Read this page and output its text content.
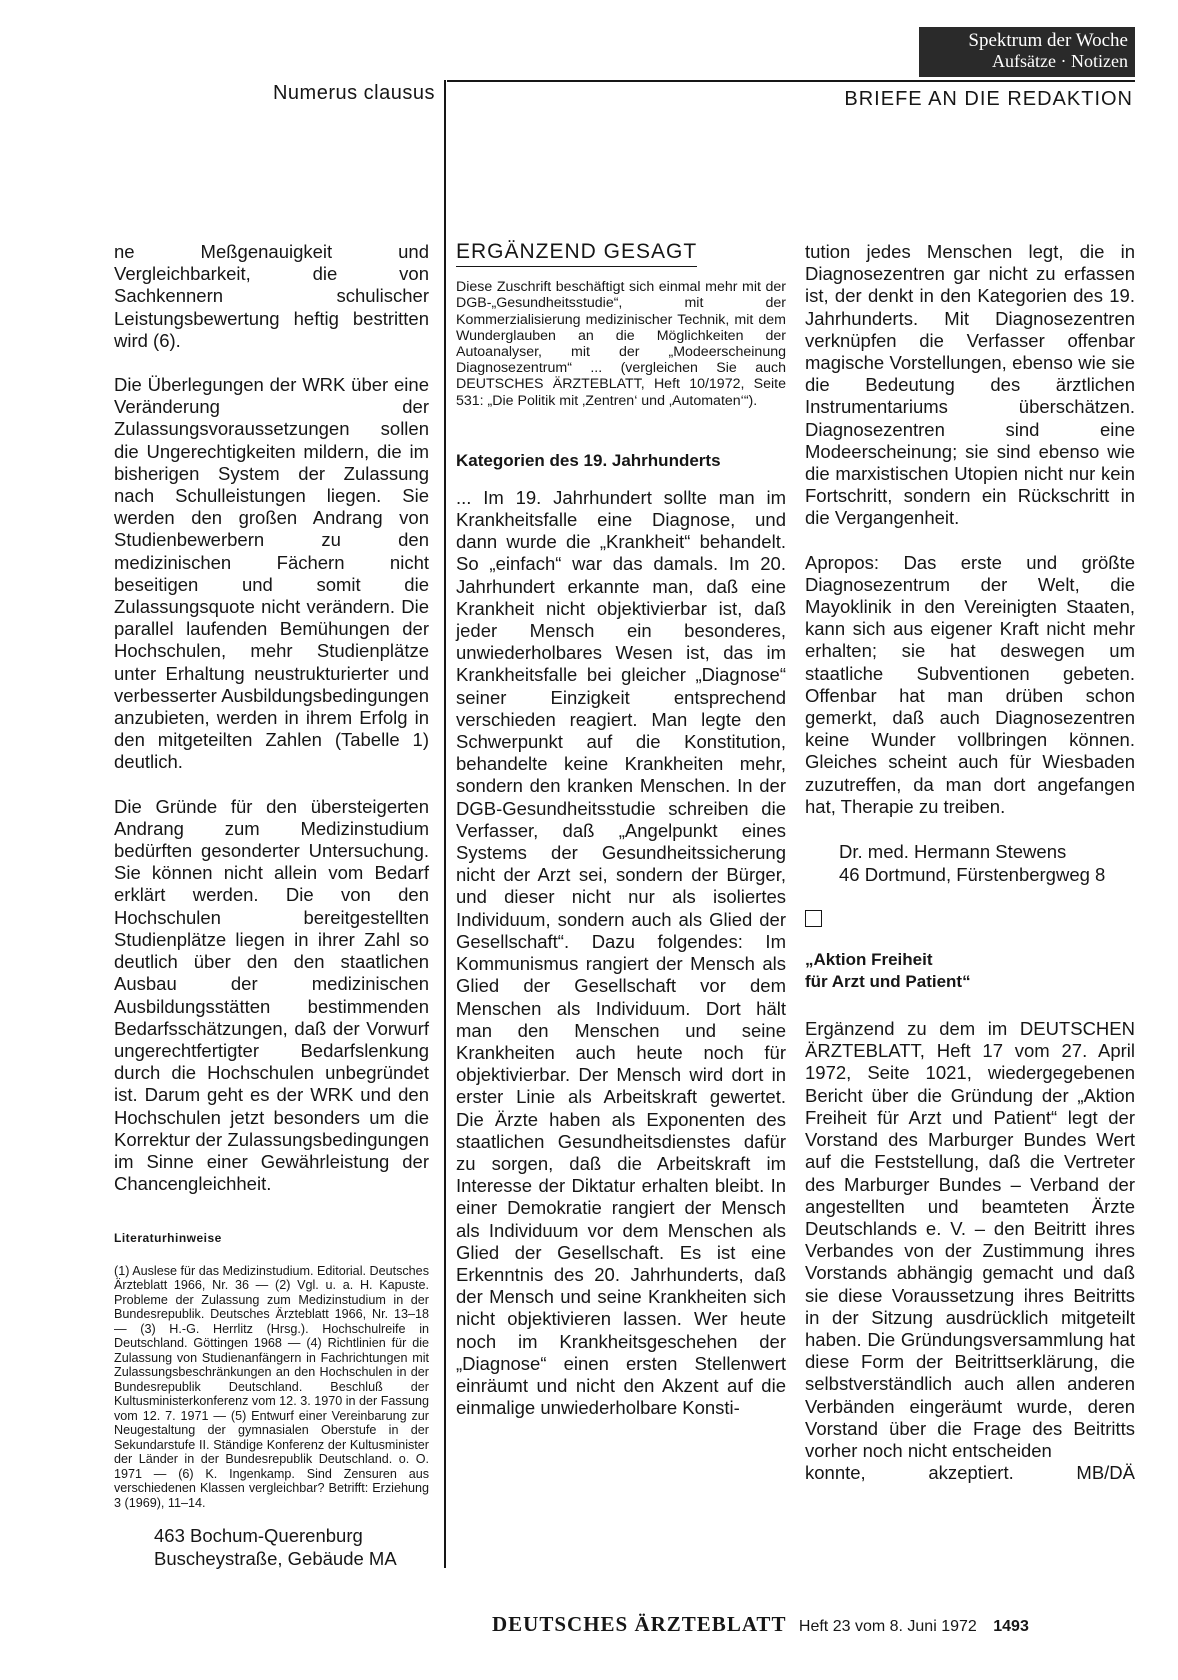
Spektrum der Woche
Aufsätze · Notizen
Numerus clausus	BRIEFE AN DIE REDAKTION

ne Meßgenauigkeit und Vergleichbarkeit, die von Sachkennern schulischer Leistungsbewertung heftig bestritten wird (6).

Die Überlegungen der WRK über eine Veränderung der Zulassungsvoraussetzungen sollen die Ungerechtigkeiten mildern, die im bisherigen System der Zulassung nach Schulleistungen liegen. Sie werden den großen Andrang von Studienbewerbern zu den medizinischen Fächern nicht beseitigen und somit die Zulassungsquote nicht verändern. Die parallel laufenden Bemühungen der Hochschulen, mehr Studienplätze unter Erhaltung neustrukturierter und verbesserter Ausbildungsbedingungen anzubieten, werden in ihrem Erfolg in den mitgeteilten Zahlen (Tabelle 1) deutlich.

Die Gründe für den übersteigerten Andrang zum Medizinstudium bedürften gesonderter Untersuchung. Sie können nicht allein vom Bedarf erklärt werden. Die von den Hochschulen bereitgestellten Studienplätze liegen in ihrer Zahl so deutlich über den den staatlichen Ausbau der medizinischen Ausbildungsstätten bestimmenden Bedarfsschätzungen, daß der Vorwurf ungerechtfertigter Bedarfslenkung durch die Hochschulen unbegründet ist. Darum geht es der WRK und den Hochschulen jetzt besonders um die Korrektur der Zulassungsbedingungen im Sinne einer Gewährleistung der Chancengleichheit.

Literaturhinweise

(1) Auslese für das Medizinstudium. Editorial. Deutsches Ärzteblatt 1966, Nr. 36 — (2) Vgl. u. a. H. Kapuste. Probleme der Zulassung zum Medizinstudium in der Bundesrepublik. Deutsches Ärzteblatt 1966, Nr. 13–18 — (3) H.-G. Herrlitz (Hrsg.). Hochschulreife in Deutschland. Göttingen 1968 — (4) Richtlinien für die Zulassung von Studienanfängern in Fachrichtungen mit Zulassungsbeschränkungen an den Hochschulen in der Bundesrepublik Deutschland. Beschluß der Kultusministerkonferenz vom 12. 3. 1970 in der Fassung vom 12. 7. 1971 — (5) Entwurf einer Vereinbarung zur Neugestaltung der gymnasialen Oberstufe in der Sekundarstufe II. Ständige Konferenz der Kultusminister der Länder in der Bundesrepublik Deutschland. o. O. 1971 — (6) K. Ingenkamp. Sind Zensuren aus verschiedenen Klassen vergleichbar? Betrifft: Erziehung 3 (1969), 11–14.

463 Bochum-Querenburg
Buscheystraße, Gebäude MA
ERGÄNZEND GESAGT

Diese Zuschrift beschäftigt sich einmal mehr mit der DGB-„Gesundheitsstudie“, mit der Kommerzialisierung medizinischer Technik, mit dem Wunderglauben an die Möglichkeiten der Autoanalyser, mit der „Modeerscheinung Diagnosezentrum“ ... (vergleichen Sie auch DEUTSCHES ÄRZTEBLATT, Heft 10/1972, Seite 531: „Die Politik mit ‚Zentren‘ und ‚Automaten‘“).

Kategorien des 19. Jahrhunderts

... Im 19. Jahrhundert sollte man im Krankheitsfalle eine Diagnose, und dann wurde die „Krankheit“ behandelt. So „einfach“ war das damals. Im 20. Jahrhundert erkannte man, daß eine Krankheit nicht objektivierbar ist, daß jeder Mensch ein besonderes, unwiederholbares Wesen ist, das im Krankheitsfalle bei gleicher „Diagnose“ seiner Einzigkeit entsprechend verschieden reagiert. Man legte den Schwerpunkt auf die Konstitution, behandelte keine Krankheiten mehr, sondern den kranken Menschen. In der DGB-Gesundheitsstudie schreiben die Verfasser, daß „Angelpunkt eines Systems der Gesundheitssicherung nicht der Arzt sei, sondern der Bürger, und dieser nicht nur als isoliertes Individuum, sondern auch als Glied der Gesellschaft“. Dazu folgendes: Im Kommunismus rangiert der Mensch als Glied der Gesellschaft vor dem Menschen als Individuum. Dort hält man den Menschen und seine Krankheiten auch heute noch für objektivierbar. Der Mensch wird dort in erster Linie als Arbeitskraft gewertet. Die Ärzte haben als Exponenten des staatlichen Gesundheitsdienstes dafür zu sorgen, daß die Arbeitskraft im Interesse der Diktatur erhalten bleibt. In einer Demokratie rangiert der Mensch als Individuum vor dem Menschen als Glied der Gesellschaft. Es ist eine Erkenntnis des 20. Jahrhunderts, daß der Mensch und seine Krankheiten sich nicht objektivieren lassen. Wer heute noch im Krankheitsgeschehen der „Diagnose“ einen ersten Stellenwert einräumt und nicht den Akzent auf die einmalige unwiederholbare Konsti-

tution jedes Menschen legt, die in Diagnosezentren gar nicht zu erfassen ist, der denkt in den Kategorien des 19. Jahrhunderts. Mit Diagnosezentren verknüpfen die Verfasser offenbar magische Vorstellungen, ebenso wie sie die Bedeutung des ärztlichen Instrumentariums überschätzen. Diagnosezentren sind eine Modeerscheinung; sie sind ebenso wie die marxistischen Utopien nicht nur kein Fortschritt, sondern ein Rückschritt in die Vergangenheit.

Apropos: Das erste und größte Diagnosezentrum der Welt, die Mayoklinik in den Vereinigten Staaten, kann sich aus eigener Kraft nicht mehr erhalten; sie hat deswegen um staatliche Subventionen gebeten. Offenbar hat man drüben schon gemerkt, daß auch Diagnosezentren keine Wunder vollbringen können. Gleiches scheint auch für Wiesbaden zuzutreffen, da man dort angefangen hat, Therapie zu treiben.

Dr. med. Hermann Stewens
46 Dortmund, Fürstenbergweg 8
„Aktion Freiheit
für Arzt und Patient“

Ergänzend zu dem im DEUTSCHEN ÄRZTEBLATT, Heft 17 vom 27. April 1972, Seite 1021, wiedergegebenen Bericht über die Gründung der „Aktion Freiheit für Arzt und Patient“ legt der Vorstand des Marburger Bundes Wert auf die Feststellung, daß die Vertreter des Marburger Bundes – Verband der angestellten und beamteten Ärzte Deutschlands e. V. – den Beitritt ihres Verbandes von der Zustimmung ihres Vorstands abhängig gemacht und daß sie diese Voraussetzung ihres Beitritts in der Sitzung ausdrücklich mitgeteilt haben. Die Gründungsversammlung hat diese Form der Beitrittserklärung, die selbstverständlich auch allen anderen Verbänden eingeräumt wurde, deren Vorstand über die Frage des Beitritts vorher noch nicht entscheiden

konnte, akzeptiert.	MB/DÄ

DEUTSCHES ÄRZTEBLATT Heft 23 vom 8. Juni 1972 1493
